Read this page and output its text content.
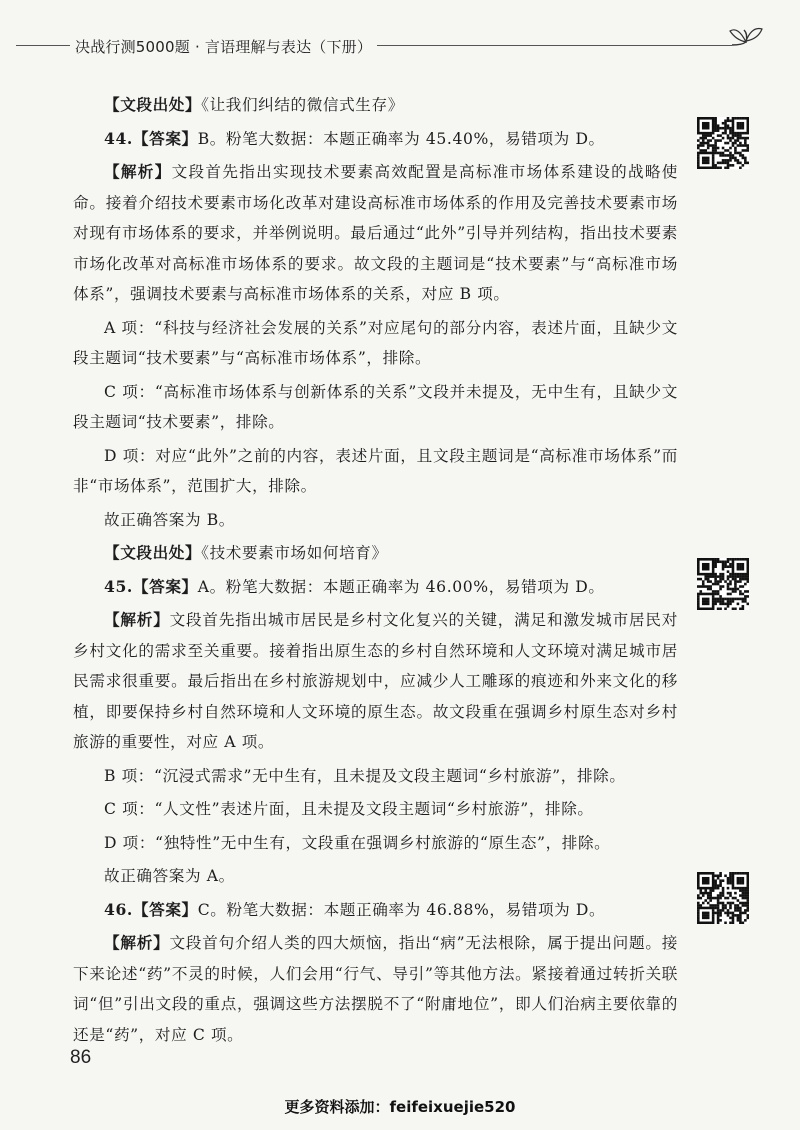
决战行测5000题 · 言语理解与表达（下册）

【文段出处】《让我们纠结的微信式生存》

44.【答案】B。粉笔大数据：本题正确率为 45.40%，易错项为 D。

【解析】文段首先指出实现技术要素高效配置是高标准市场体系建设的战略使命。接着介绍技术要素市场化改革对建设高标准市场体系的作用及完善技术要素市场对现有市场体系的要求，并举例说明。最后通过“此外”引导并列结构，指出技术要素市场化改革对高标准市场体系的要求。故文段的主题词是“技术要素”与“高标准市场体系”，强调技术要素与高标准市场体系的关系，对应 B 项。

A 项：“科技与经济社会发展的关系”对应尾句的部分内容，表述片面，且缺少文段主题词“技术要素”与“高标准市场体系”，排除。

C 项：“高标准市场体系与创新体系的关系”文段并未提及，无中生有，且缺少文段主题词“技术要素”，排除。

D 项：对应“此外”之前的内容，表述片面，且文段主题词是“高标准市场体系”而非“市场体系”，范围扩大，排除。

故正确答案为 B。

【文段出处】《技术要素市场如何培育》

45.【答案】A。粉笔大数据：本题正确率为 46.00%，易错项为 D。

【解析】文段首先指出城市居民是乡村文化复兴的关键，满足和激发城市居民对乡村文化的需求至关重要。接着指出原生态的乡村自然环境和人文环境对满足城市居民需求很重要。最后指出在乡村旅游规划中，应减少人工雕琢的痕迹和外来文化的移植，即要保持乡村自然环境和人文环境的原生态。故文段重在强调乡村原生态对乡村旅游的重要性，对应 A 项。

B 项：“沉浸式需求”无中生有，且未提及文段主题词“乡村旅游”，排除。

C 项：“人文性”表述片面，且未提及文段主题词“乡村旅游”，排除。

D 项：“独特性”无中生有，文段重在强调乡村旅游的“原生态”，排除。

故正确答案为 A。

46.【答案】C。粉笔大数据：本题正确率为 46.88%，易错项为 D。

【解析】文段首句介绍人类的四大烦恼，指出“病”无法根除，属于提出问题。接下来论述“药”不灵的时候，人们会用“行气、导引”等其他方法。紧接着通过转折关联词“但”引出文段的重点，强调这些方法摆脱不了“附庸地位”，即人们治病主要依靠的还是“药”，对应 C 项。

86
更多资料添加：feifeixuejie520
